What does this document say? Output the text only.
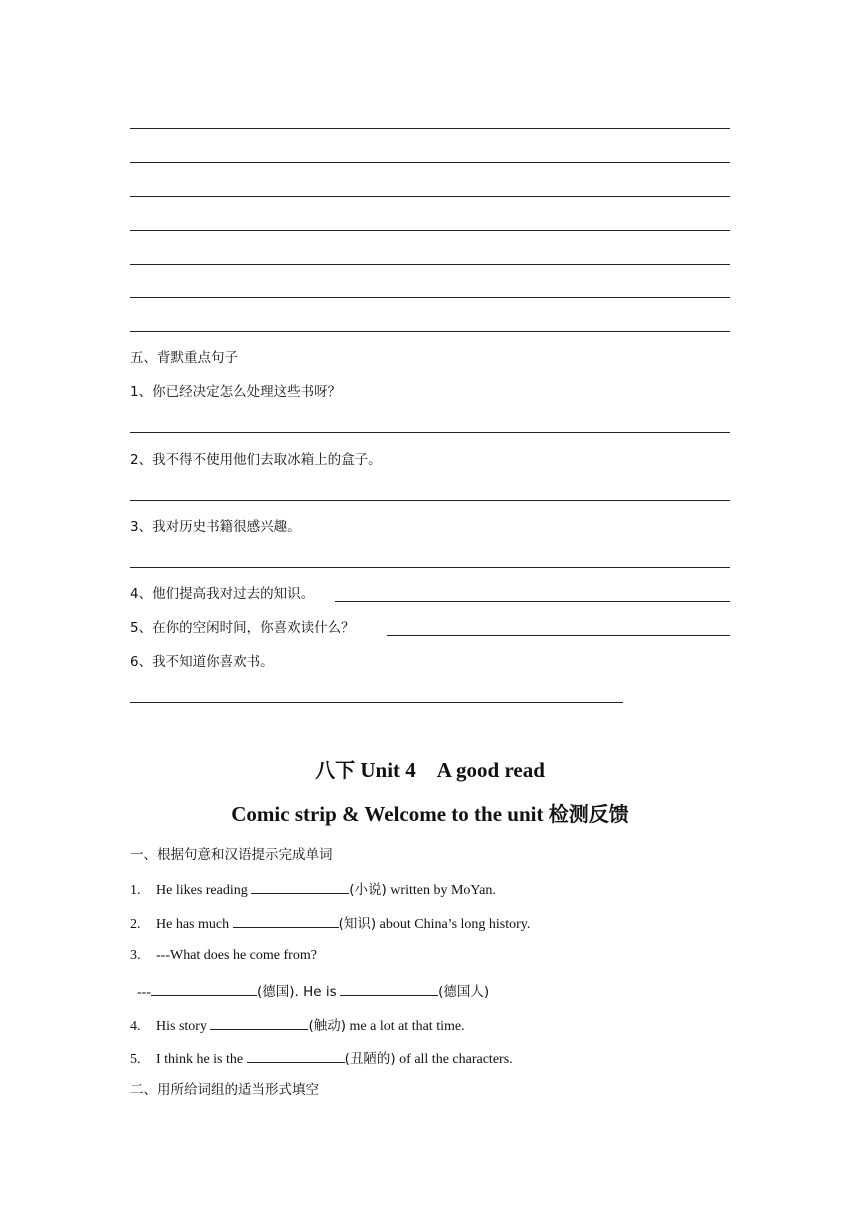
五、背默重点句子
1、你已经决定怎么处理这些书呀？
2、我不得不使用他们去取冰箱上的盒子。
3、我对历史书籍很感兴趣。
4、他们提高我对过去的知识。
5、在你的空闲时间，你喜欢读什么？
6、我不知道你喜欢书。
八下 Unit 4　A good read
Comic strip & Welcome to the unit 检测反馈
一、根据句意和汉语提示完成单词
1. He likes reading	(小说) written by MoYan.
2. He has much	(知识) about China’s long history.
3. ---What does he come from?
---	(德国). He is	(德国人)
4. His story	(触动) me a lot at that time.
5. I think he is the	(丑陋的) of all the characters.
二、用所给词组的适当形式填空
